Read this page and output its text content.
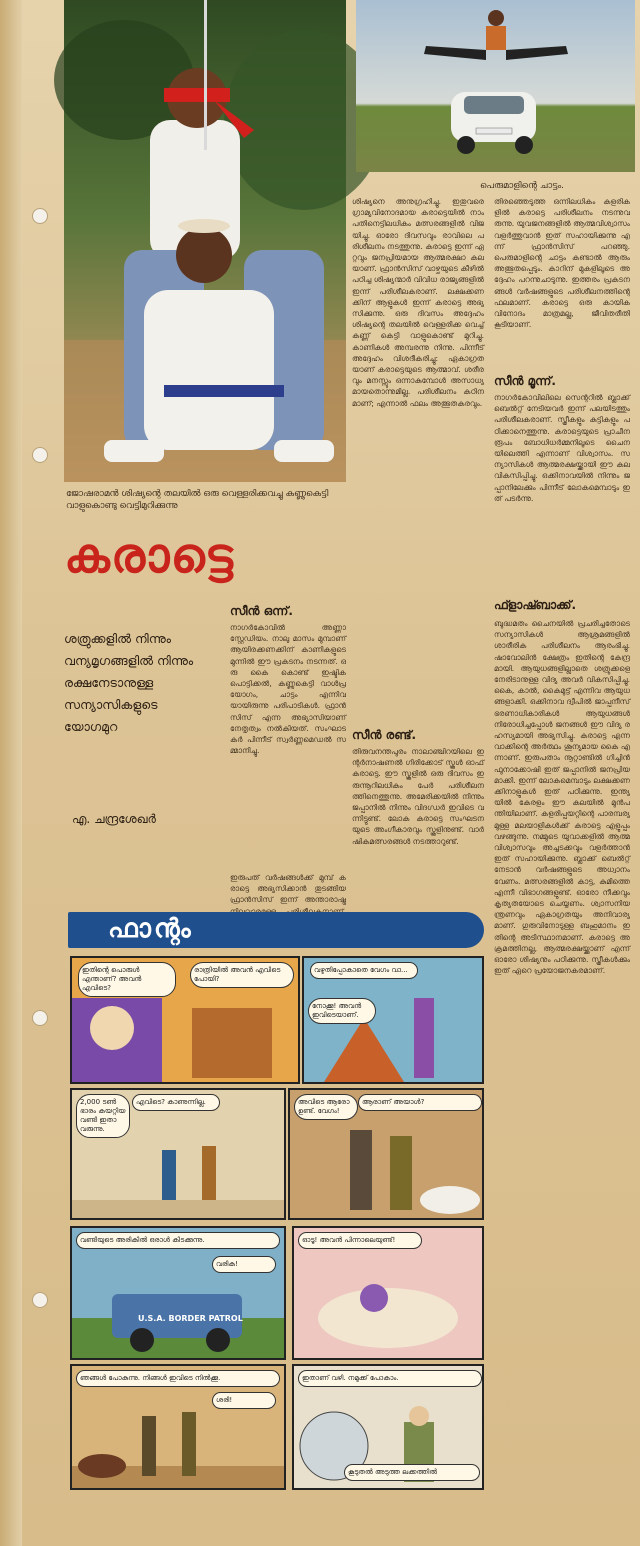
ജോഷരാമൻ ശിഷ്യന്റെ തലയിൽ ഒരു വെള്ളരിക്കവച്ചു കണ്ണുകെട്ടി വാളുകൊണ്ടു വെട്ടിമുറിക്കുന്നു
പെരുമാളിന്റെ ചാട്ടം.
ശിഷ്യനെ അനുഗ്രഹിച്ചു. ഇതുവരെ ഗ്രാമ്യവിനോദമായ കരാട്ടെയിൽ നാം പതിനെട്ടിലധികം മത്സരങ്ങളിൽ വിജയിച്ചു. ഓരോ ദിവസവും രാവിലെ പരിശീലനം നടത്തുന്നു. കരാട്ടെ ഇന്ന് ഏറ്റവും ജനപ്രിയമായ ആത്മരക്ഷാ കലയാണ്. ഫ്രാൻസിസ് വാഴ്ചയുടെ കീഴിൽ പഠിച്ച ശിഷ്യന്മാർ വിവിധ രാജ്യങ്ങളിൽ ഇന്ന് പരിശീലകരാണ്. ലക്ഷക്കണക്കിന് ആളുകൾ ഇന്ന് കരാട്ടെ അഭ്യസിക്കുന്നു. ഒരു ദിവസം അദ്ദേഹം ശിഷ്യന്റെ തലയിൽ വെള്ളരിക്ക വെച്ച് കണ്ണ് കെട്ടി വാളുകൊണ്ട് മുറിച്ചു. കാണികൾ അമ്പരന്നു നിന്നു. പിന്നീട് അദ്ദേഹം വിശദീകരിച്ചു: ഏകാഗ്രതയാണ് കരാട്ടെയുടെ ആത്മാവ്. ശരീരവും മനസ്സും ഒന്നാകുമ്പോൾ അസാധ്യമായതൊന്നുമില്ല. പരിശീലനം കഠിനമാണ്; എന്നാൽ ഫലം അത്ഭുതകരവും.
തിരഞ്ഞെടുത്ത ഒന്നിലധികം കളരികളിൽ കരാട്ടെ പരിശീലനം നടന്നുവരുന്നു. യുവജനങ്ങളിൽ ആത്മവിശ്വാസം വളർത്തുവാൻ ഇത് സഹായിക്കുന്നു എന്ന് ഫ്രാൻസിസ് പറഞ്ഞു. പെരുമാളിന്റെ ചാട്ടം കണ്ടാൽ ആരും അത്ഭുതപ്പെടും. കാറിന് മുകളിലൂടെ അദ്ദേഹം പറന്നുചാടുന്നു. ഇത്തരം പ്രകടനങ്ങൾ വർഷങ്ങളുടെ പരിശീലനത്തിന്റെ ഫലമാണ്. കരാട്ടെ ഒരു കായിക വിനോദം മാത്രമല്ല, ജീവിതരീതി കൂടിയാണ്.
സീൻ മൂന്ന്.
നാഗർകോവിലിലെ സെന്ററിൽ ബ്ലാക്ക് ബെൽറ്റ് നേടിയവർ ഇന്ന് പലയിടത്തും പരിശീലകരാണ്. സ്ത്രീകളും കുട്ടികളും പഠിക്കാനെത്തുന്നു. കരാട്ടെയുടെ പ്രാചീനരൂപം ബോധിധർമ്മനിലൂടെ ചൈനയിലെത്തി എന്നാണ് വിശ്വാസം. സന്യാസികൾ ആത്മരക്ഷയ്ക്കായി ഈ കല വികസിപ്പിച്ചു. ഒക്കിനാവയിൽ നിന്നും ജപ്പാനിലേക്കും പിന്നീട് ലോകമെമ്പാടും ഇത് പടർന്നു.
ഫ്ളാഷ്ബാക്ക്.
ബുദ്ധമതം ചൈനയിൽ പ്രചരിച്ചതോടെ സന്യാസികൾ ആശ്രമങ്ങളിൽ ശാരീരിക പരിശീലനം ആരംഭിച്ചു. ഷാവോലിൻ ക്ഷേത്രം ഇതിന്റെ കേന്ദ്രമായി. ആയുധങ്ങളില്ലാതെ ശത്രുക്കളെ നേരിടാനുള്ള വിദ്യ അവർ വികസിപ്പിച്ചു. കൈ, കാൽ, കൈമുട്ട് എന്നിവ ആയുധങ്ങളാക്കി. ഒക്കിനാവ ദ്വീപിൽ ജാപ്പനീസ് ഭരണാധികാരികൾ ആയുധങ്ങൾ നിരോധിച്ചപ്പോൾ ജനങ്ങൾ ഈ വിദ്യ രഹസ്യമായി അഭ്യസിച്ചു. കരാട്ടെ എന്ന വാക്കിന്റെ അർത്ഥം ശൂന്യമായ കൈ എന്നാണ്. ഇരുപതാം നൂറ്റാണ്ടിൽ ഗിച്ചിൻ ഫുനാക്കോഷി ഇത് ജപ്പാനിൽ ജനപ്രിയമാക്കി. ഇന്ന് ലോകമെമ്പാടും ലക്ഷക്കണക്കിനാളുകൾ ഇത് പഠിക്കുന്നു. ഇന്ത്യയിൽ കേരളം ഈ കലയിൽ മുൻപന്തിയിലാണ്. കളരിപ്പയറ്റിന്റെ പാരമ്പര്യമുള്ള മലയാളികൾക്ക് കരാട്ടെ എളുപ്പം വഴങ്ങുന്നു. നമ്മുടെ യുവാക്കളിൽ ആത്മവിശ്വാസവും അച്ചടക്കവും വളർത്താൻ ഇത് സഹായിക്കുന്നു. ബ്ലാക്ക് ബെൽറ്റ് നേടാൻ വർഷങ്ങളുടെ അധ്വാനം വേണം. മത്സരങ്ങളിൽ കാട്ട, കുമിത്തെ എന്നീ വിഭാഗങ്ങളുണ്ട്. ഓരോ നീക്കവും കൃത്യതയോടെ ചെയ്യണം. ശ്വാസനിയന്ത്രണവും ഏകാഗ്രതയും അനിവാര്യമാണ്. ഗുരുവിനോടുള്ള ബഹുമാനം ഇതിന്റെ അടിസ്ഥാനമാണ്. കരാട്ടെ അക്രമത്തിനല്ല, ആത്മരക്ഷയ്ക്കാണ് എന്ന് ഓരോ ശിഷ്യനും പഠിക്കുന്നു. സ്ത്രീകൾക്കും ഇത് ഏറെ പ്രയോജനകരമാണ്.
കരാട്ടെ
ശത്രുക്കളിൽ നിന്നും
വന്യമൃഗങ്ങളിൽ നിന്നും
രക്ഷനേടാനുള്ള
സന്യാസികളുടെ
യോഗമുറ
എ. ചന്ദ്രശേഖർ
സീൻ ഒന്ന്.
നാഗർകോവിൽ അണ്ണാ സ്റ്റേഡിയം. നാലു മാസം മുമ്പാണ് ആയിരക്കണക്കിന് കാണികളുടെ മുന്നിൽ ഈ പ്രകടനം നടന്നത്. ഒരു കൈ കൊണ്ട് ഇഷ്ടിക പൊട്ടിക്കൽ, കണ്ണുകെട്ടി വാൾപ്രയോഗം, ചാട്ടം എന്നിവയായിരുന്നു പരിപാടികൾ. ഫ്രാൻസിസ് എന്ന അഭ്യാസിയാണ് നേതൃത്വം നൽകിയത്. സംഘാടകർ പിന്നീട് സ്വർണ്ണമെഡൽ സമ്മാനിച്ചു.
ഇരുപത് വർഷങ്ങൾക്ക് മുമ്പ് കരാട്ടെ അഭ്യസിക്കാൻ തുടങ്ങിയ ഫ്രാൻസിസ് ഇന്ന് അന്താരാഷ്ട്ര
സീൻ രണ്ട്.
തിരുവനന്തപുരം നാലാഞ്ചിറയിലെ ഇന്റർനാഷണൽ ഗിരിക്കോട് സ്കൂൾ ഓഫ് കരാട്ടെ. ഈ സ്കൂളിൽ ഒരു ദിവസം ഇരുന്നൂറിലധികം പേർ പരിശീലനത്തിനെത്തുന്നു. അമേരിക്കയിൽ നിന്നും ജപ്പാനിൽ നിന്നും വിദഗ്ധർ ഇവിടെ വന്നിട്ടുണ്ട്. ലോക കരാട്ടെ സംഘടനയുടെ അംഗീകാരവും സ്കൂളിനുണ്ട്. വാർഷികമത്സരങ്ങൾ നടത്താറുണ്ട്.
ഫാന്റം
ഇതിന്റെ പൊരുൾ എന്താണ്? അവൻ എവിടെ?
രാത്രിയിൽ അവൻ എവിടെ പോയി?
വഴുതിപ്പോകാതെ വേഗം വാ...
നോക്കൂ! അവൻ ഇവിടെയാണ്.
2,000 ടൺ ഭാരം കയറ്റിയ വണ്ടി ഇതാ വരുന്നു.
എവിടെ? കാണുന്നില്ല.	അവിടെ ആരോ ഉണ്ട്. വേഗം!
ആരാണ് അയാൾ?
വണ്ടിയുടെ അരികിൽ ഒരാൾ കിടക്കുന്നു.
വരിക!
U.S.A. BORDER PATROL
ഓടൂ! അവൻ പിന്നാലെയുണ്ട്!
ഞങ്ങൾ പോകുന്നു. നിങ്ങൾ ഇവിടെ നിൽക്കൂ.
ശരി!
ഇതാണ് വഴി. നമുക്ക് പോകാം.
കൂടുതൽ അടുത്ത ലക്കത്തിൽ
